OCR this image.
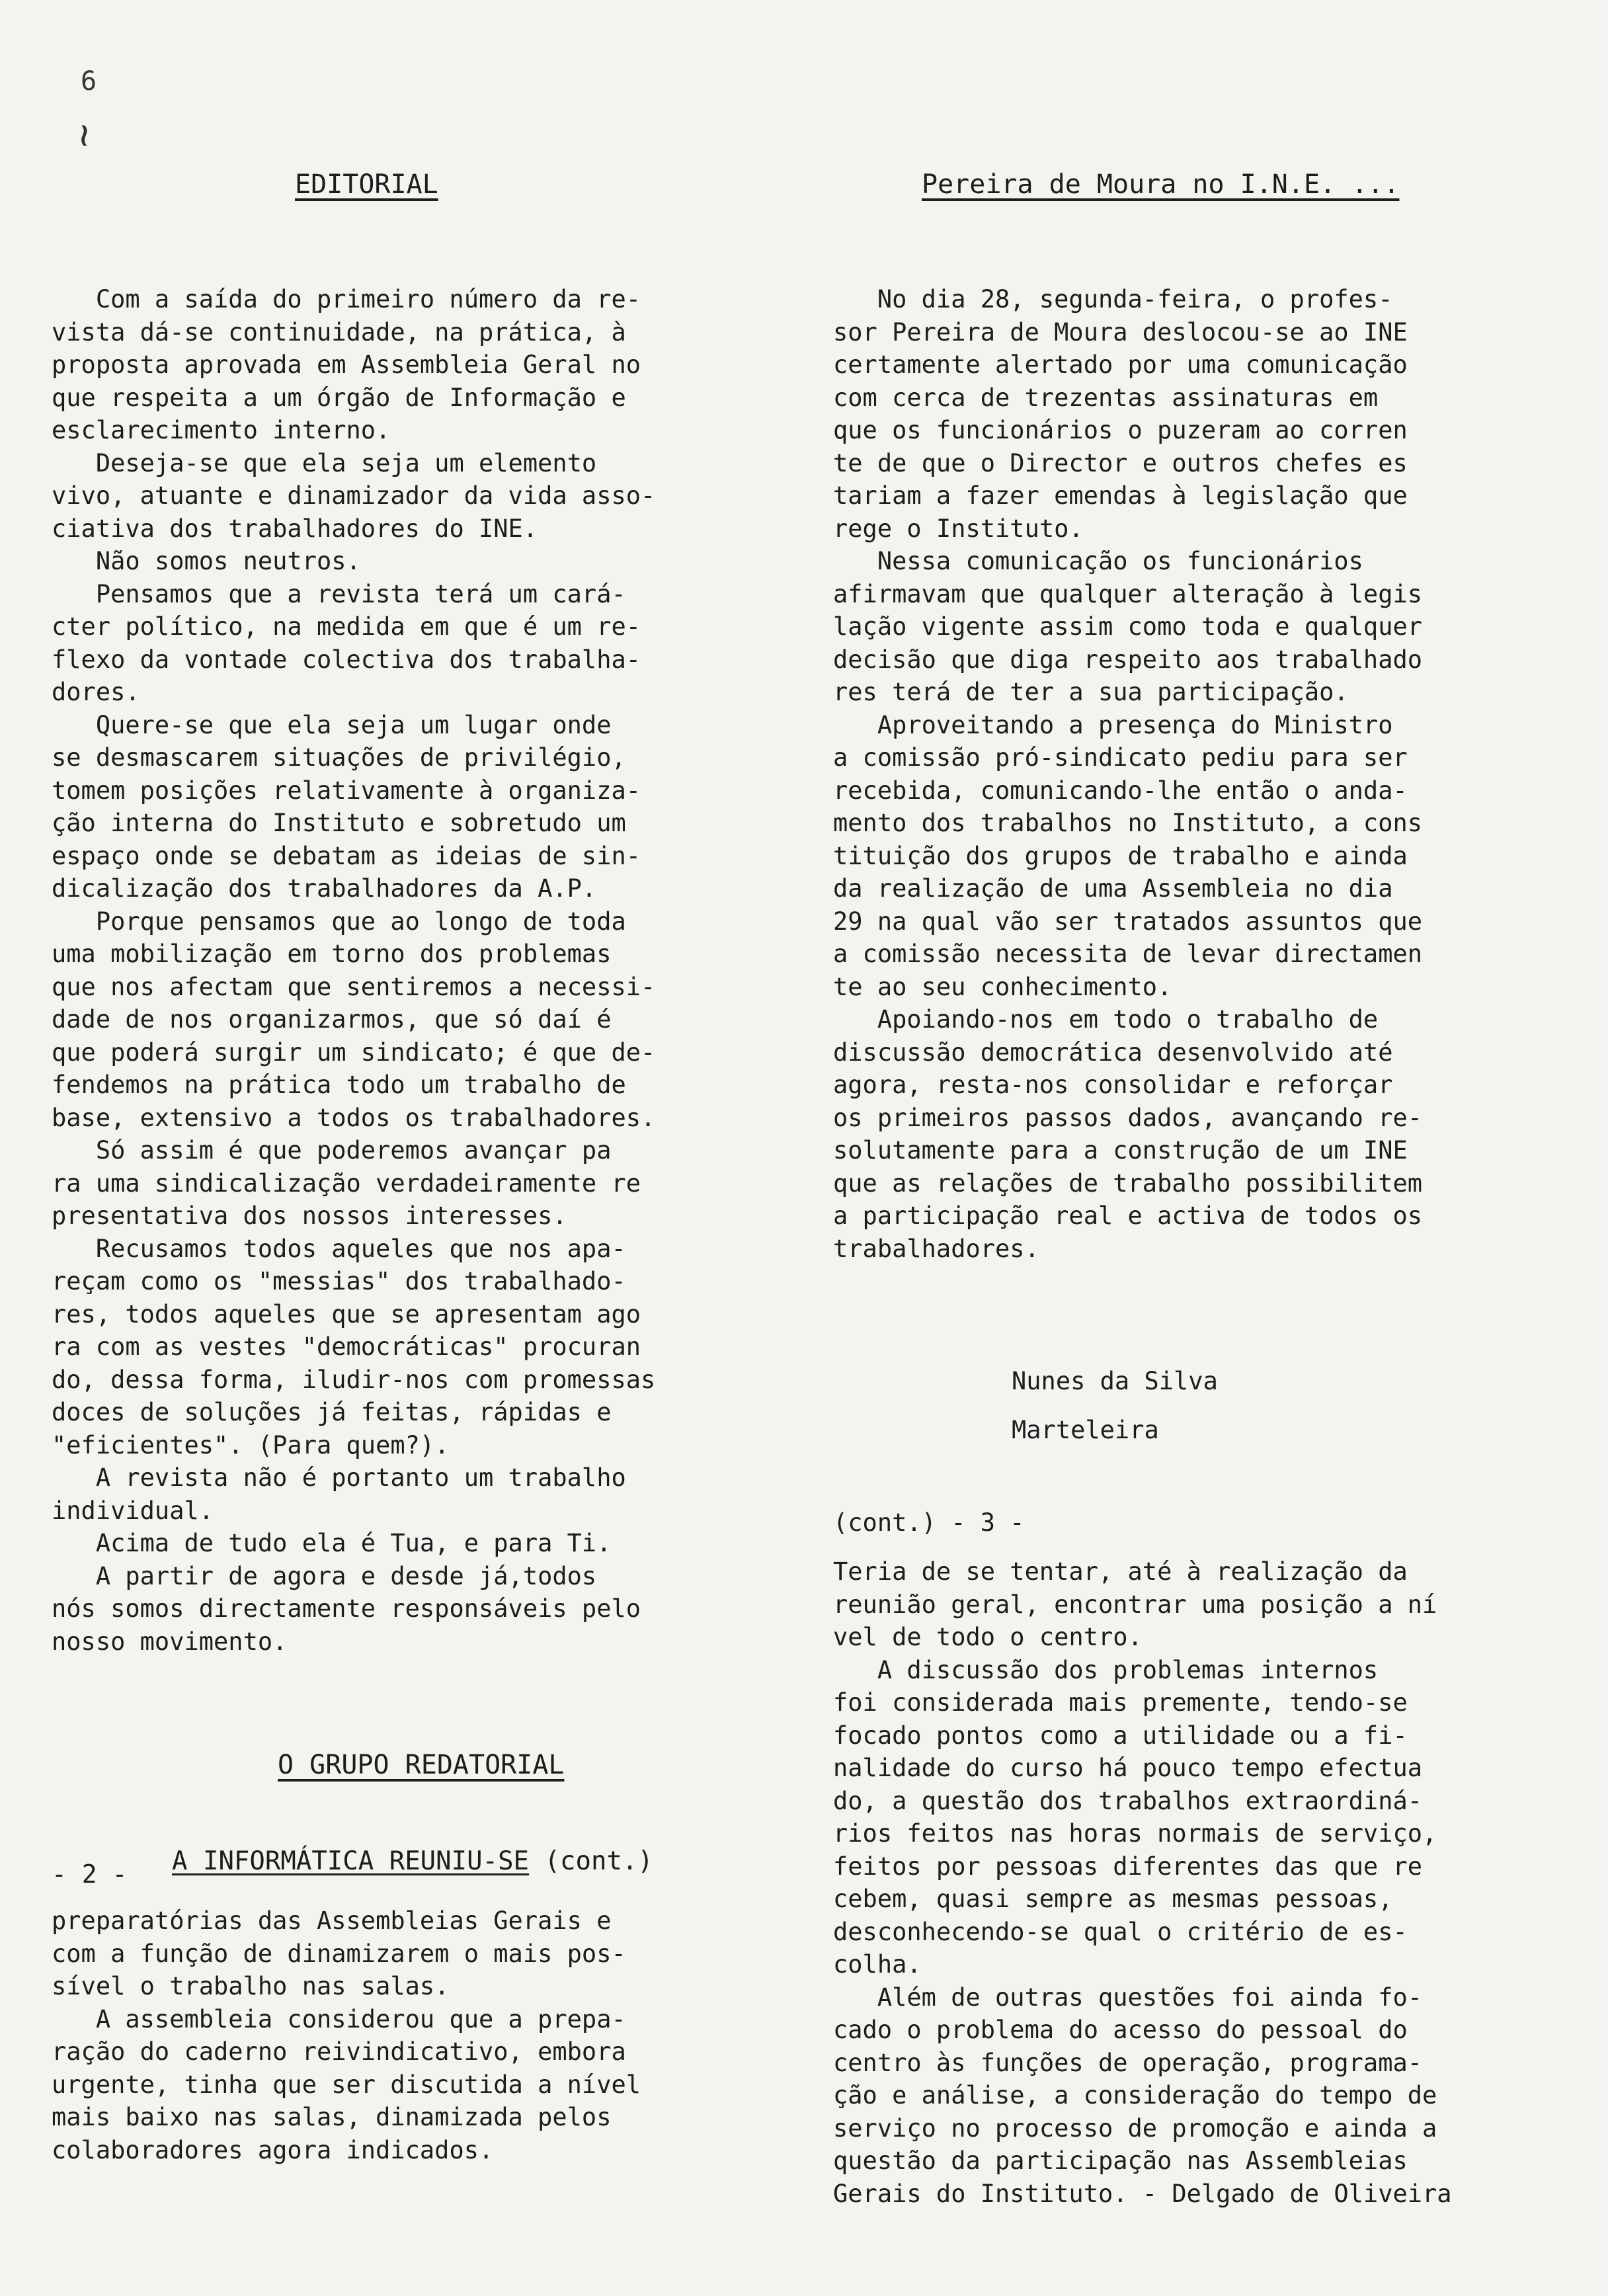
6
~
EDITORIAL
Com a saída do primeiro número da re-
vista dá-se continuidade, na prática, à
proposta aprovada em Assembleia Geral no
que respeita a um órgão de Informação e
esclarecimento interno.
Deseja-se que ela seja um elemento
vivo, atuante e dinamizador da vida asso-
ciativa dos trabalhadores do INE.
Não somos neutros.
Pensamos que a revista terá um cará-
cter político, na medida em que é um re-
flexo da vontade colectiva dos trabalha-
dores.
Quere-se que ela seja um lugar onde
se desmascarem situações de privilégio,
tomem posições relativamente à organiza-
ção interna do Instituto e sobretudo um
espaço onde se debatam as ideias de sin-
dicalização dos trabalhadores da A.P.
Porque pensamos que ao longo de toda
uma mobilização em torno dos problemas
que nos afectam que sentiremos a necessi-
dade de nos organizarmos, que só daí é
que poderá surgir um sindicato; é que de-
fendemos na prática todo um trabalho de
base, extensivo a todos os trabalhadores.
Só assim é que poderemos avançar pa
ra uma sindicalização verdadeiramente re
presentativa dos nossos interesses.
Recusamos todos aqueles que nos apa-
reçam como os "messias" dos trabalhado-
res, todos aqueles que se apresentam ago
ra com as vestes "democráticas" procuran
do, dessa forma, iludir-nos com promessas
doces de soluções já feitas, rápidas e
"eficientes". (Para quem?).
A revista não é portanto um trabalho
individual.
Acima de tudo ela é Tua, e para Ti.
A partir de agora e desde já,todos
nós somos directamente responsáveis pelo
nosso movimento.
O GRUPO REDATORIAL
- 2 - A INFORMÁTICA REUNIU-SE (cont.)
preparatórias das Assembleias Gerais e
com a função de dinamizarem o mais pos-
sível o trabalho nas salas.
A assembleia considerou que a prepa-
ração do caderno reivindicativo, embora
urgente, tinha que ser discutida a nível
mais baixo nas salas, dinamizada pelos
colaboradores agora indicados.
Pereira de Moura no I.N.E. ...
No dia 28, segunda-feira, o profes-
sor Pereira de Moura deslocou-se ao INE
certamente alertado por uma comunicação
com cerca de trezentas assinaturas em
que os funcionários o puzeram ao corren
te de que o Director e outros chefes es
tariam a fazer emendas à legislação que
rege o Instituto.
Nessa comunicação os funcionários
afirmavam que qualquer alteração à legis
lação vigente assim como toda e qualquer
decisão que diga respeito aos trabalhado
res terá de ter a sua participação.
Aproveitando a presença do Ministro
a comissão pró-sindicato pediu para ser
recebida, comunicando-lhe então o anda-
mento dos trabalhos no Instituto, a cons
tituição dos grupos de trabalho e ainda
da realização de uma Assembleia no dia
29 na qual vão ser tratados assuntos que
a comissão necessita de levar directamen
te ao seu conhecimento.
Apoiando-nos em todo o trabalho de
discussão democrática desenvolvido até
agora, resta-nos consolidar e reforçar
os primeiros passos dados, avançando re-
solutamente para a construção de um INE
que as relações de trabalho possibilitem
a participação real e activa de todos os
trabalhadores.
Nunes da Silva
Marteleira
(cont.) - 3 -
Teria de se tentar, até à realização da
reunião geral, encontrar uma posição a ní
vel de todo o centro.
A discussão dos problemas internos
foi considerada mais premente, tendo-se
focado pontos como a utilidade ou a fi-
nalidade do curso há pouco tempo efectua
do, a questão dos trabalhos extraordiná-
rios feitos nas horas normais de serviço,
feitos por pessoas diferentes das que re
cebem, quasi sempre as mesmas pessoas,
desconhecendo-se qual o critério de es-
colha.
Além de outras questões foi ainda fo-
cado o problema do acesso do pessoal do
centro às funções de operação, programa-
ção e análise, a consideração do tempo de
serviço no processo de promoção e ainda a
questão da participação nas Assembleias
Gerais do Instituto. - Delgado de Oliveira
